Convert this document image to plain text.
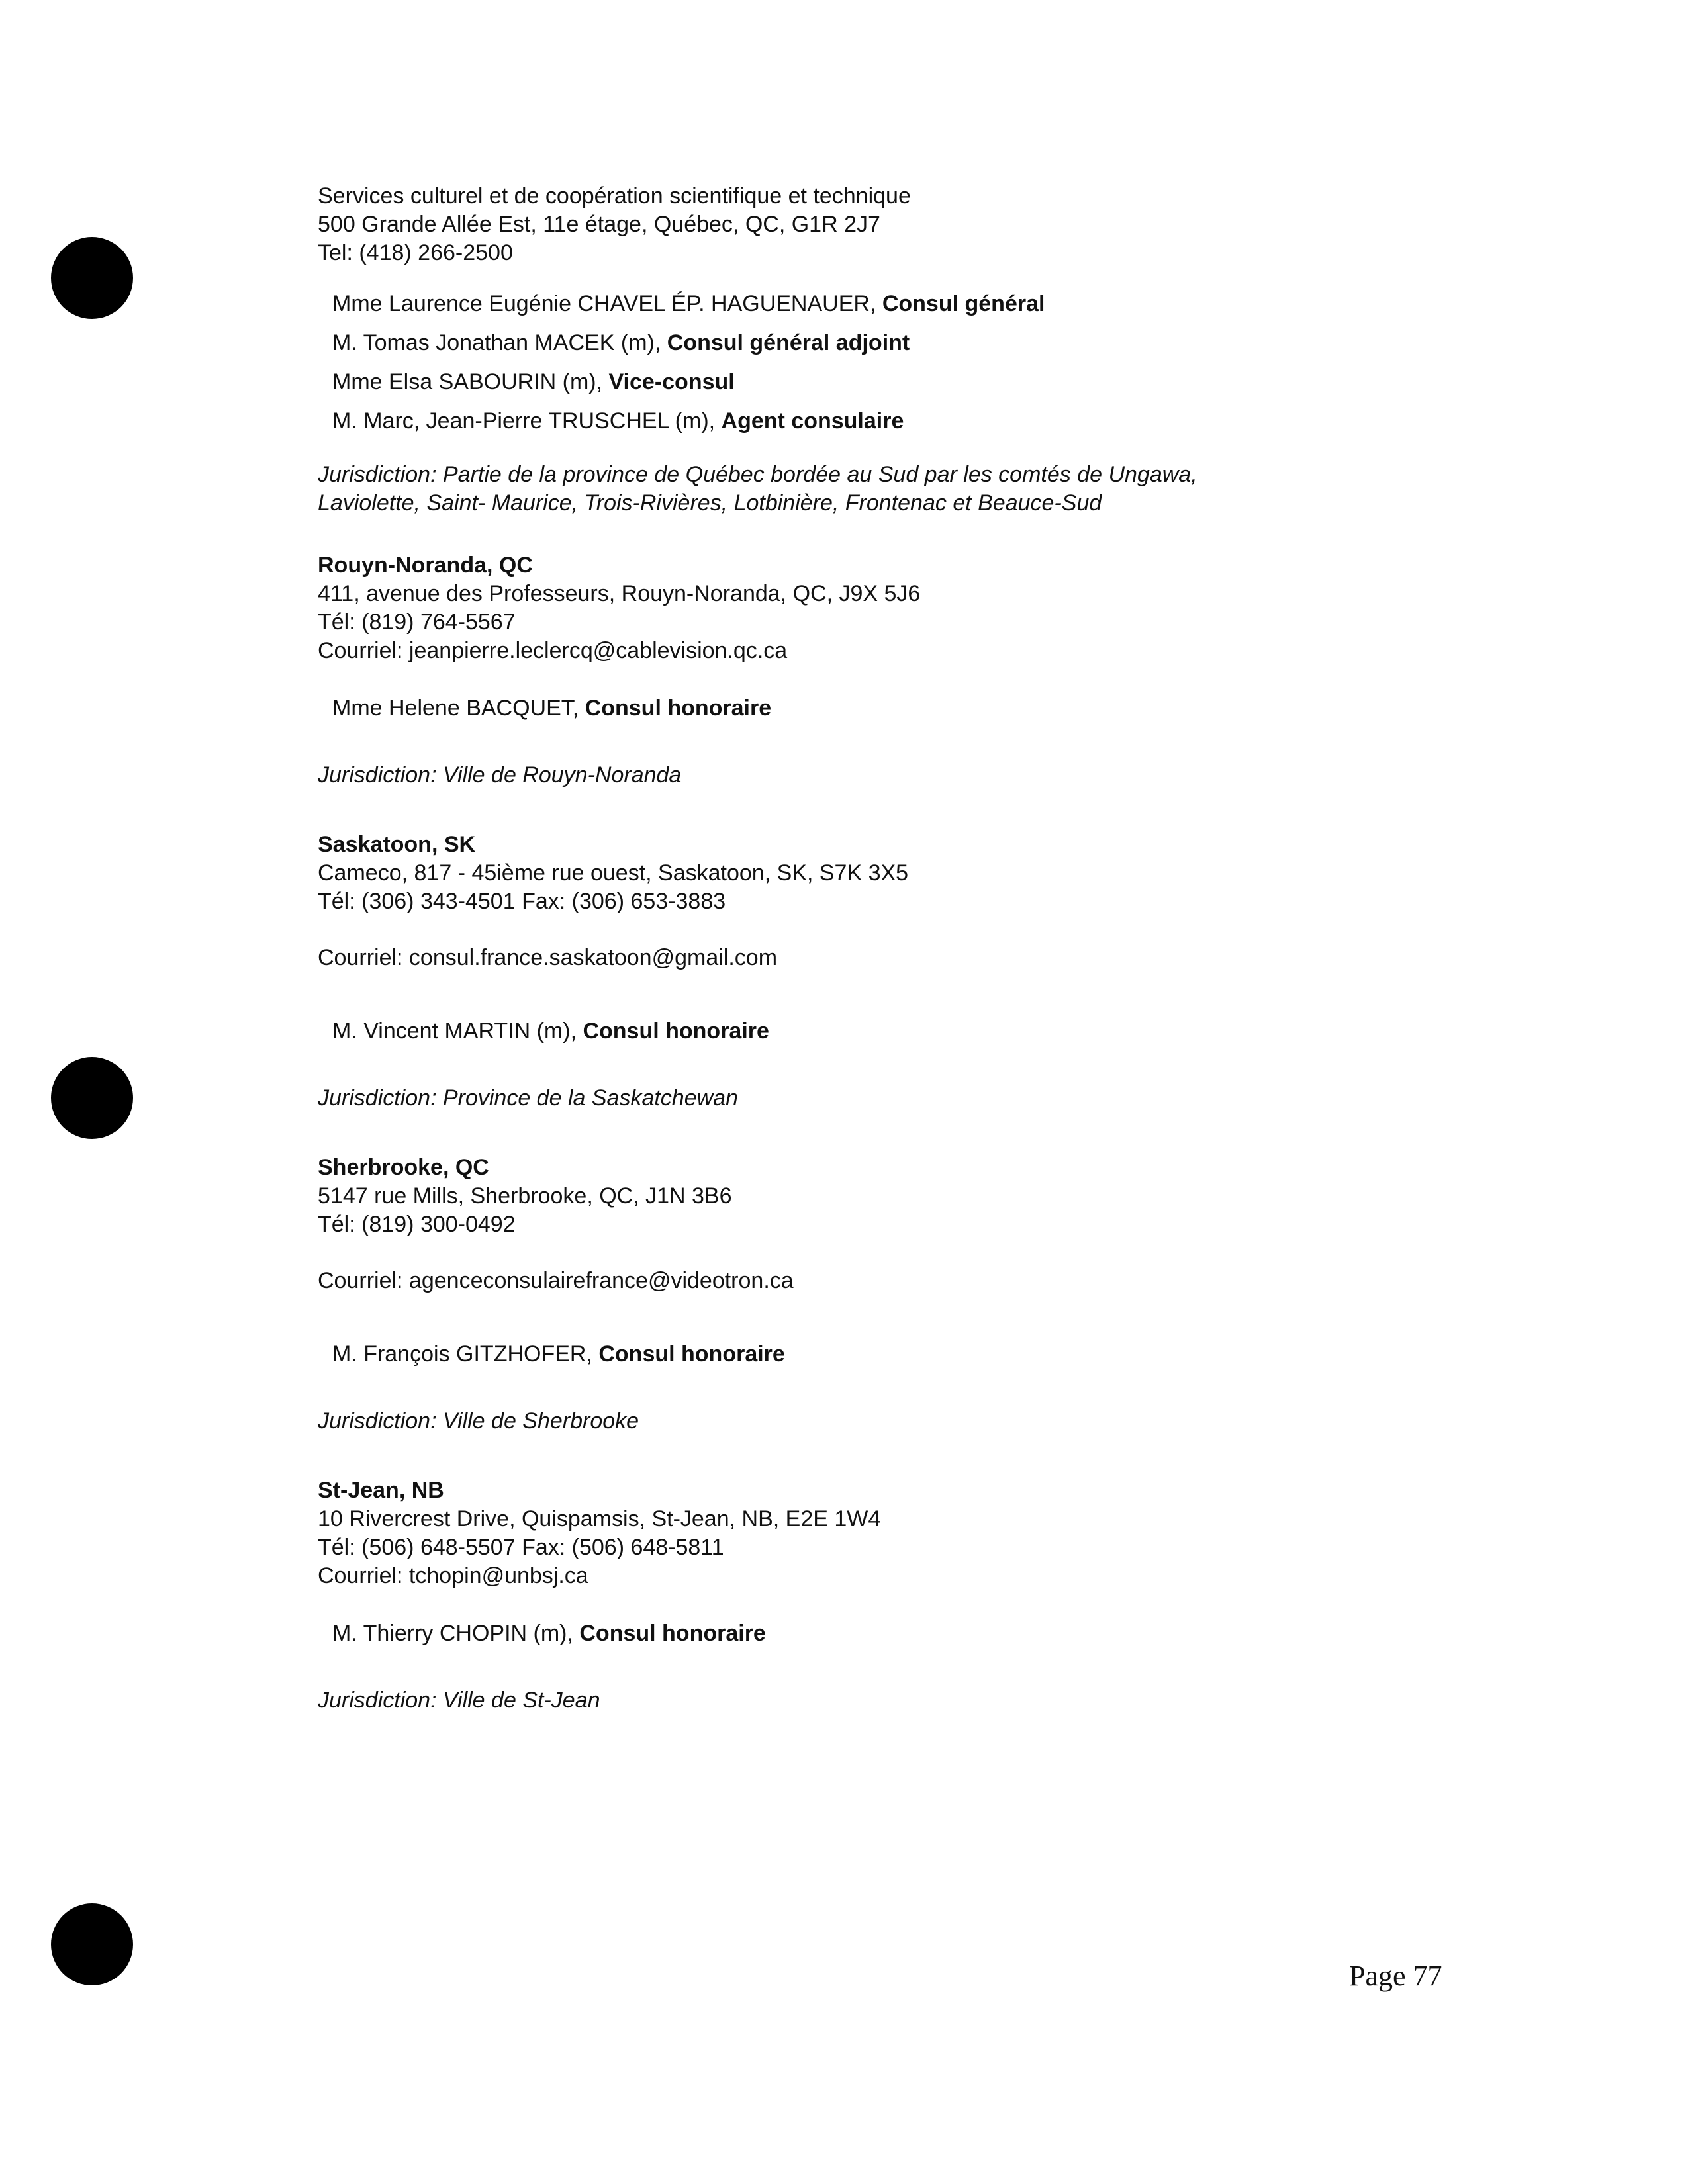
Services culturel et de coopération scientifique et technique
500 Grande Allée Est, 11e étage, Québec, QC, G1R 2J7
Tel: (418) 266-2500
Mme Laurence Eugénie CHAVEL ÉP. HAGUENAUER, Consul général
M. Tomas Jonathan MACEK (m), Consul général adjoint
Mme Elsa SABOURIN (m), Vice-consul
M. Marc, Jean-Pierre TRUSCHEL (m), Agent consulaire
Jurisdiction: Partie de la province de Québec bordée au Sud par les comtés de Ungawa,
Laviolette, Saint- Maurice, Trois-Rivières, Lotbinière, Frontenac et Beauce-Sud
Rouyn-Noranda, QC
411, avenue des Professeurs, Rouyn-Noranda, QC, J9X 5J6
Tél: (819) 764-5567
Courriel: jeanpierre.leclercq@cablevision.qc.ca
Mme Helene BACQUET, Consul honoraire
Jurisdiction: Ville de Rouyn-Noranda
Saskatoon, SK
Cameco, 817 - 45ième rue ouest, Saskatoon, SK, S7K 3X5
Tél: (306) 343-4501 Fax: (306) 653-3883
Courriel: consul.france.saskatoon@gmail.com
M. Vincent MARTIN (m), Consul honoraire
Jurisdiction: Province de la Saskatchewan
Sherbrooke, QC
5147 rue Mills, Sherbrooke, QC, J1N 3B6
Tél: (819) 300-0492
Courriel: agenceconsulairefrance@videotron.ca
M. François GITZHOFER, Consul honoraire
Jurisdiction: Ville de Sherbrooke
St-Jean, NB
10 Rivercrest Drive, Quispamsis, St-Jean, NB, E2E 1W4
Tél: (506) 648-5507 Fax: (506) 648-5811
Courriel: tchopin@unbsj.ca
M. Thierry CHOPIN (m), Consul honoraire
Jurisdiction: Ville de St-Jean
Page 77
